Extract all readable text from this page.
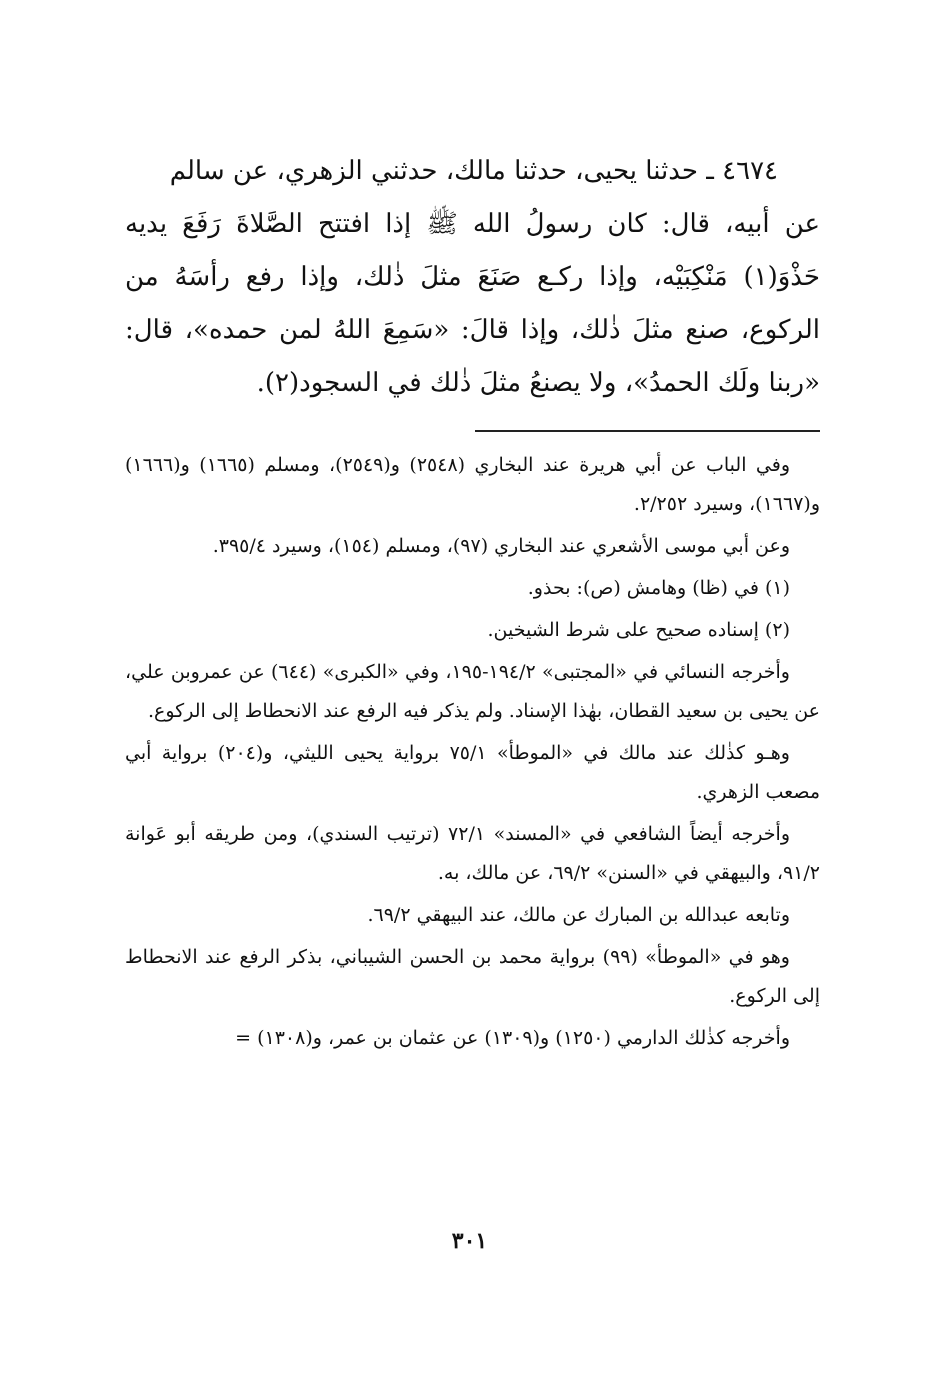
٤٦٧٤ ـ حدثنا يحيى، حدثنا مالك، حدثني الزهري، عن سالم
عن أبيه، قال: كان رسولُ الله ﷺ إذا افتتح الصَّلاةَ رَفَعَ يديه حَذْوَ(١) مَنْكِبَيْه، وإذا ركـع صَنَعَ مثلَ ذٰلك، وإذا رفع رأسَهُ من الركوع، صنع مثلَ ذٰلك، وإذا قالَ: «سَمِعَ اللهُ لمن حمده»، قال: «ربنا ولَك الحمدُ»، ولا يصنعُ مثلَ ذٰلك في السجود(٢).

وفي الباب عن أبي هريرة عند البخاري (٢٥٤٨) و(٢٥٤٩)، ومسلم (١٦٦٥) و(١٦٦٦) و(١٦٦٧)، وسيرد ٢/٢٥٢.

وعن أبي موسى الأشعري عند البخاري (٩٧)، ومسلم (١٥٤)، وسيرد ٣٩٥/٤.

(١) في (ظا) وهامش (ص): بحذو.

(٢) إسناده صحيح على شرط الشيخين.

وأخرجه النسائي في «المجتبى» ١٩٤/٢-١٩٥، وفي «الكبرى» (٦٤٤) عن عمروبن علي، عن يحيى بن سعيد القطان، بهٰذا الإسناد. ولم يذكر فيه الرفع عند الانحطاط إلى الركوع.

وهـو كذٰلك عند مالك في «الموطأ» ٧٥/١ برواية يحيى الليثي، و(٢٠٤) برواية أبي مصعب الزهري.

وأخرجه أيضاً الشافعي في «المسند» ٧٢/١ (ترتيب السندي)، ومن طريقه أبو عَوانة ٩١/٢، والبيهقي في «السنن» ٦٩/٢، عن مالك، به.

وتابعه عبدالله بن المبارك عن مالك، عند البيهقي ٦٩/٢.

وهو في «الموطأ» (٩٩) برواية محمد بن الحسن الشيباني، بذكر الرفع عند الانحطاط إلى الركوع.

وأخرجه كذٰلك الدارمي (١٢٥٠) و(١٣٠٩) عن عثمان بن عمر، و(١٣٠٨) =

٣٠١
